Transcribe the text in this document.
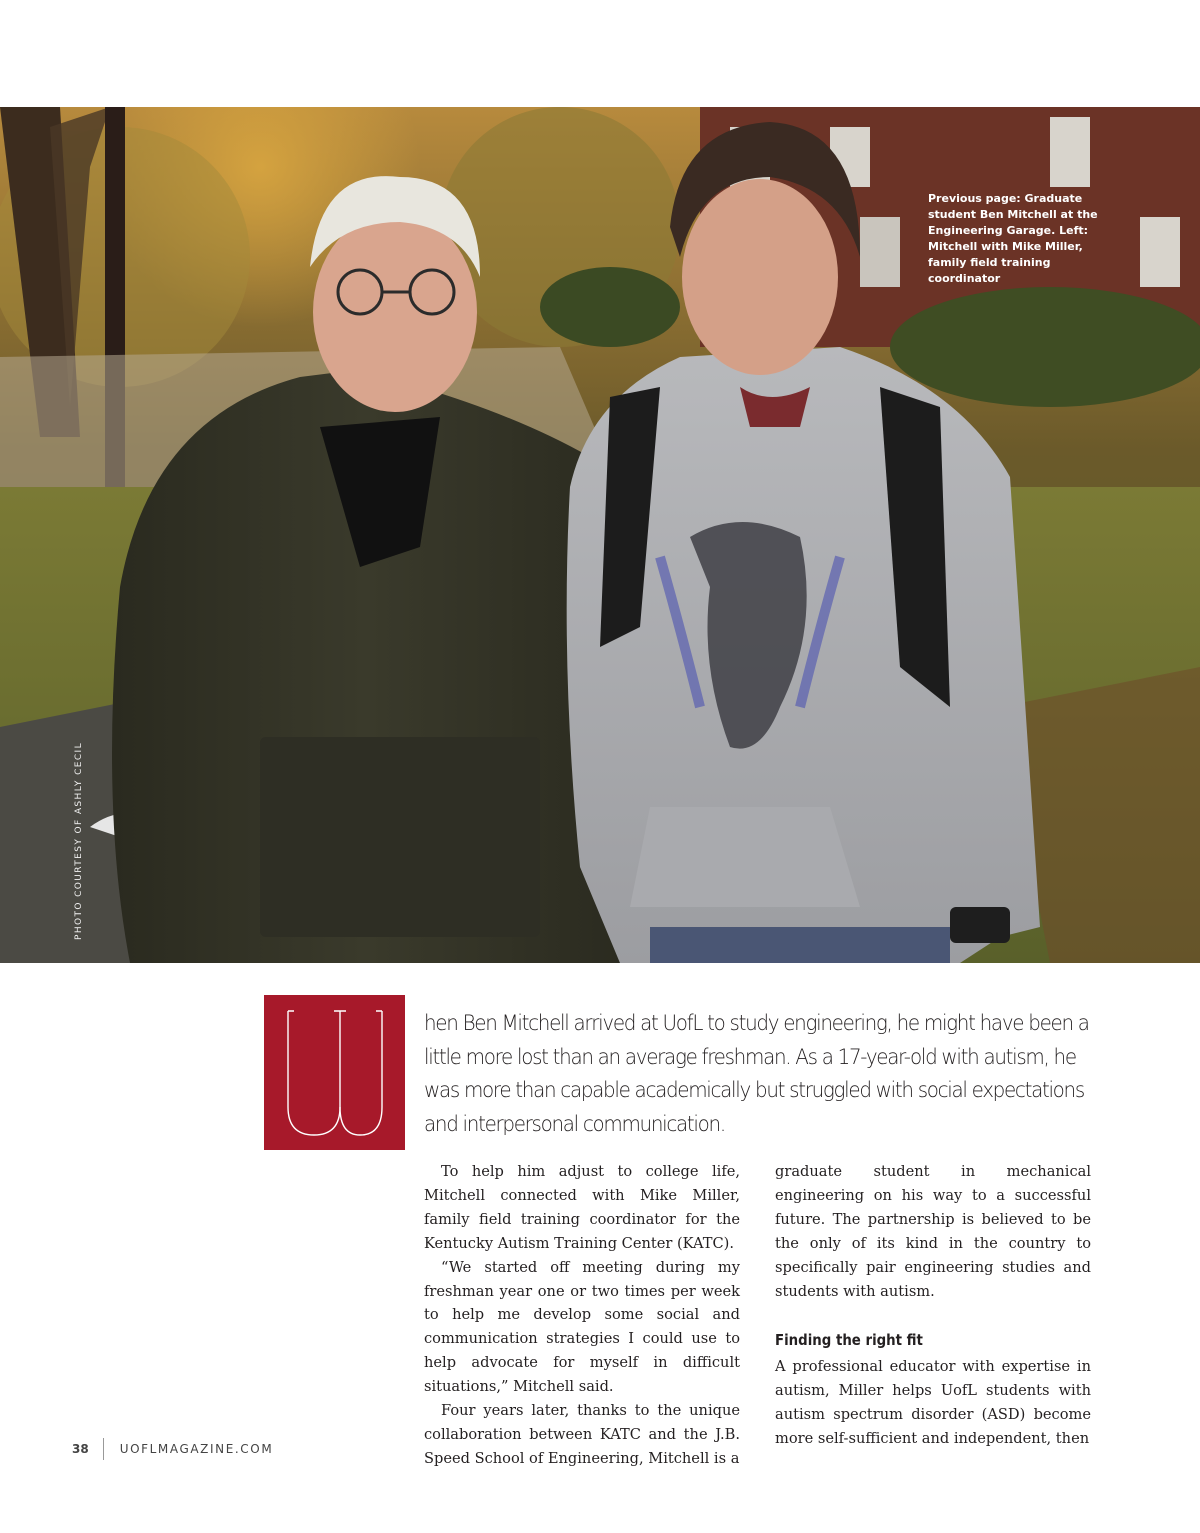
Previous page: Graduate student Ben Mitchell at the Engineering Garage. Left: Mitchell with Mike Miller, family field training coordinator
PHOTO COURTESY OF ASHLY CECIL
hen Ben Mitchell arrived at UofL to study engineering, he might have been a
little more lost than an average freshman. As a 17-year-old with autism, he
was more than capable academically but struggled with social expectations
and interpersonal communication.

To help him adjust to college life, Mitchell connected with Mike Miller, family field training coordinator for the Kentucky Autism Training Center (KATC).

“We started off meeting during my freshman year one or two times per week to help me develop some social and communication strategies I could use to help advocate for myself in difficult situations,” Mitchell said.

Four years later, thanks to the unique collaboration between KATC and the J.B. Speed School of Engineering, Mitchell is a

graduate student in mechanical engineering on his way to a successful future. The partnership is believed to be the only of its kind in the country to specifically pair engineering studies and students with autism.

Finding the right fit

A professional educator with expertise in autism, Miller helps UofL students with autism spectrum disorder (ASD) become more self-sufficient and independent, then

38	UOFLMAGAZINE.COM
